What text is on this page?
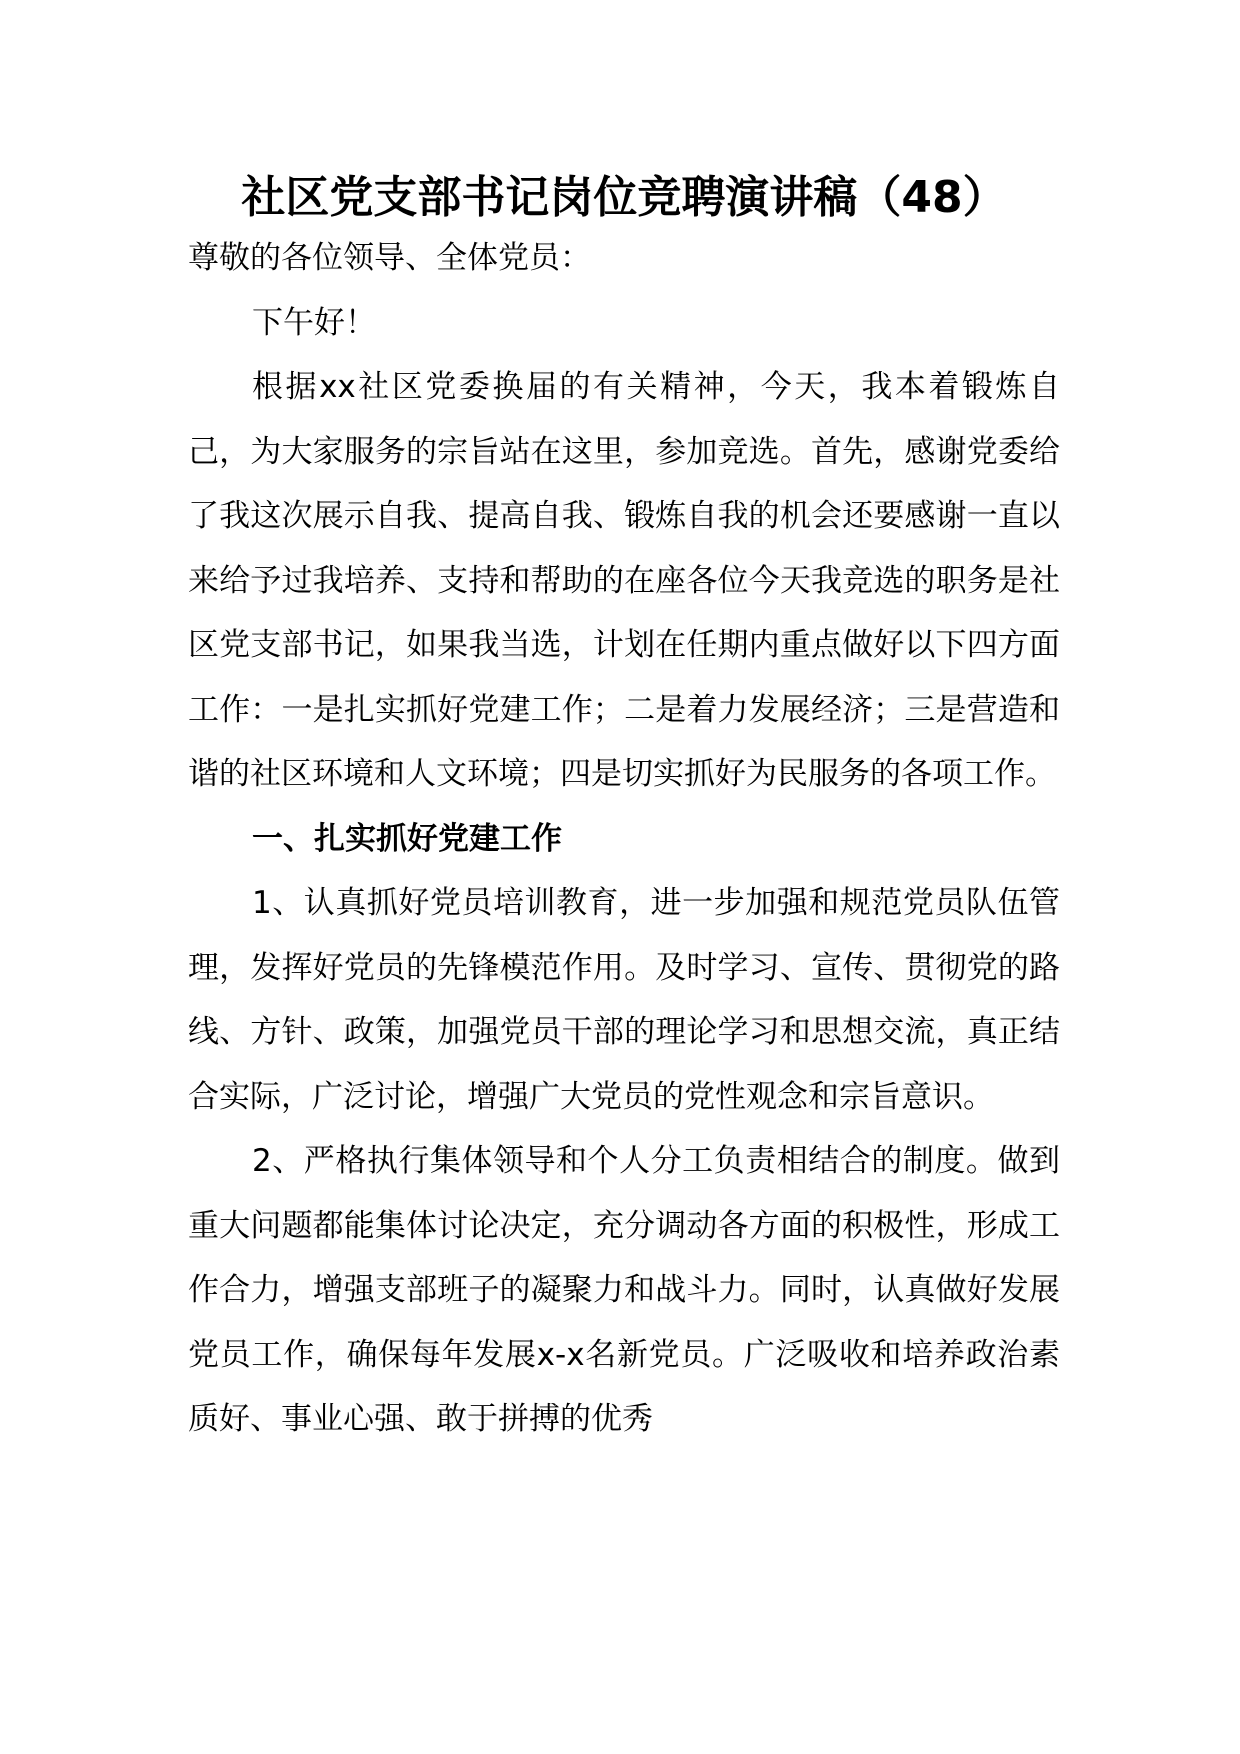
社区党支部书记岗位竞聘演讲稿（48）

尊敬的各位领导、全体党员：

下午好！

根据xx社区党委换届的有关精神，今天，我本着锻炼自己，为大家服务的宗旨站在这里，参加竞选。首先，感谢党委给了我这次展示自我、提高自我、锻炼自我的机会还要感谢一直以来给予过我培养、支持和帮助的在座各位今天我竞选的职务是社区党支部书记，如果我当选，计划在任期内重点做好以下四方面工作：一是扎实抓好党建工作；二是着力发展经济；三是营造和谐的社区环境和人文环境；四是切实抓好为民服务的各项工作。

一、扎实抓好党建工作

1、认真抓好党员培训教育，进一步加强和规范党员队伍管理，发挥好党员的先锋模范作用。及时学习、宣传、贯彻党的路线、方针、政策，加强党员干部的理论学习和思想交流，真正结合实际，广泛讨论，增强广大党员的党性观念和宗旨意识。

2、严格执行集体领导和个人分工负责相结合的制度。做到重大问题都能集体讨论决定，充分调动各方面的积极性，形成工作合力，增强支部班子的凝聚力和战斗力。同时，认真做好发展党员工作，确保每年发展x-x名新党员。广泛吸收和培养政治素质好、事业心强、敢于拼搏的优秀
